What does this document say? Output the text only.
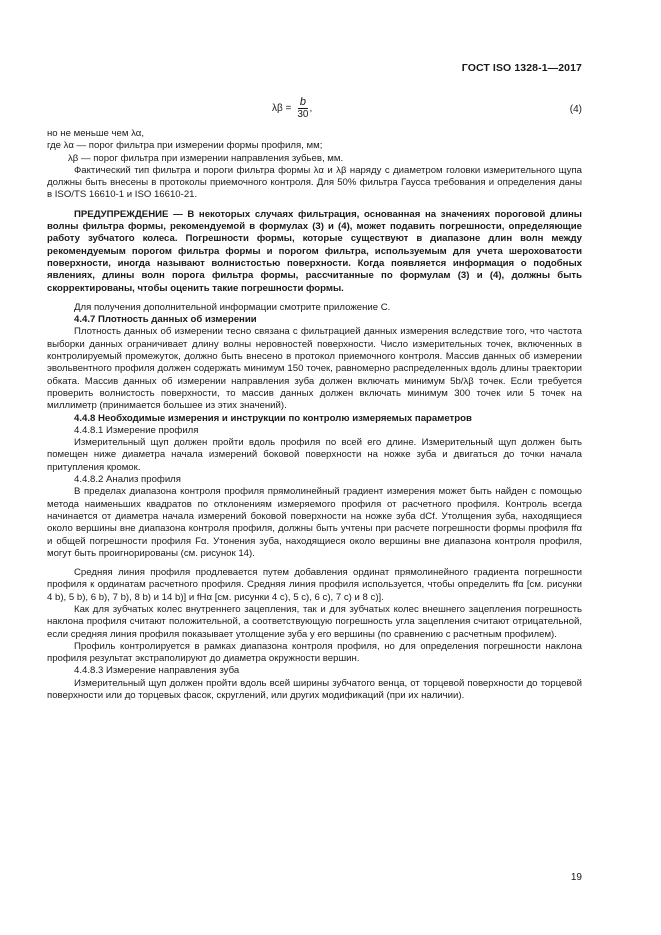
ГОСТ ISO 1328-1—2017
$\lambda\beta = \frac{b}{30}$ ,	(4)

но не меньше чем λα,

где λα — порог фильтра при измерении формы профиля, мм;

λβ — порог фильтра при измерении направления зубьев, мм.

Фактический тип фильтра и пороги фильтра формы λα и λβ наряду с диаметром головки измерительного щупа должны быть внесены в протоколы приемочного контроля. Для 50% фильтра Гаусса требования и определения даны в ISO/TS 16610-1 и ISO 16610-21.

ПРЕДУПРЕЖДЕНИЕ — В некоторых случаях фильтрация, основанная на значениях пороговой длины волны фильтра формы, рекомендуемой в формулах (3) и (4), может подавить погрешности, определяющие работу зубчатого колеса. Погрешности формы, которые существуют в диапазоне длин волн между рекомендуемым порогом фильтра формы и порогом фильтра, используемым для учета шероховатости поверхности, иногда называют волнистостью поверхности. Когда появляется информация о подобных явлениях, длины волн порога фильтра формы, рассчитанные по формулам (3) и (4), должны быть скорректированы, чтобы оценить такие погрешности формы.

Для получения дополнительной информации смотрите приложение С.

4.4.7 Плотность данных об измерении

Плотность данных об измерении тесно связана с фильтрацией данных измерения вследствие того, что частота выборки данных ограничивает длину волны неровностей поверхности. Число измерительных точек, включенных в контролируемый промежуток, должно быть внесено в протокол приемочного контроля. Массив данных об измерении эвольвентного профиля должен содержать минимум 150 точек, равномерно распределенных вдоль длины траектории обката. Массив данных об измерении направления зуба должен включать минимум 5b/λβ точек. Если требуется проверить волнистость поверхности, то массив данных должен включать минимум 300 точек или 5 точек на миллиметр (принимается большее из этих значений).

4.4.8 Необходимые измерения и инструкции по контролю измеряемых параметров

4.4.8.1 Измерение профиля

Измерительный щуп должен пройти вдоль профиля по всей его длине. Измерительный щуп должен быть помещен ниже диаметра начала измерений боковой поверхности на ножке зуба и двигаться до точки начала притупления кромок.

4.4.8.2 Анализ профиля

В пределах диапазона контроля профиля прямолинейный градиент измерения может быть найден с помощью метода наименьших квадратов по отклонениям измеряемого профиля от расчетного профиля. Контроль всегда начинается от диаметра начала измерений боковой поверхности на ножке зуба dCf. Утолщения зуба, находящиеся около вершины вне диапазона контроля профиля, должны быть учтены при расчете погрешности формы профиля ffα и общей погрешности профиля Fα. Утонения зуба, находящиеся около вершины вне диапазона контроля профиля, могут быть проигнорированы (см. рисунок 14).

Средняя линия профиля продлевается путем добавления ординат прямолинейного градиента погрешности профиля к ординатам расчетного профиля. Средняя линия профиля используется, чтобы определить ffα [см. рисунки 4 b), 5 b), 6 b), 7 b), 8 b) и 14 b)] и fHα [см. рисунки 4 с), 5 с), 6 с), 7 с) и 8 с)].

Как для зубчатых колес внутреннего зацепления, так и для зубчатых колес внешнего зацепления погрешность наклона профиля считают положительной, а соответствующую погрешность угла зацепления считают отрицательной, если средняя линия профиля показывает утолщение зуба у его вершины (по сравнению с расчетным профилем).

Профиль контролируется в рамках диапазона контроля профиля, но для определения погрешности наклона профиля результат экстраполируют до диаметра окружности вершин.

4.4.8.3 Измерение направления зуба

Измерительный щуп должен пройти вдоль всей ширины зубчатого венца, от торцевой поверхности до торцевой поверхности или до торцевых фасок, скруглений, или других модификаций (при их наличии).

19
